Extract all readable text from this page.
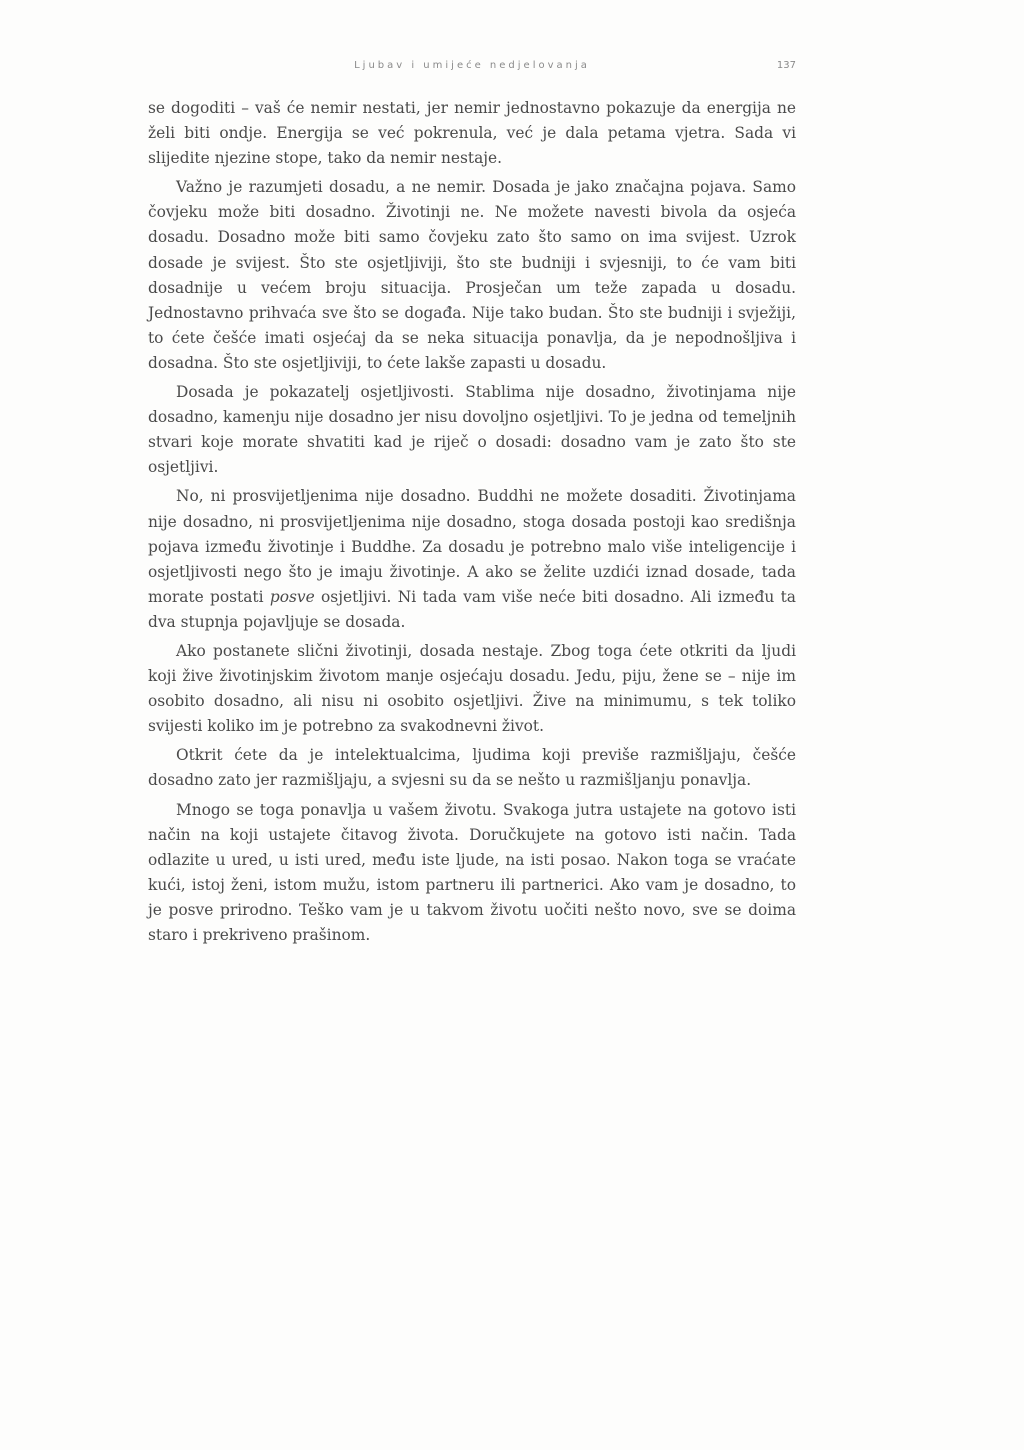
Ljubav i umijeće nedjelovanja	137

se dogoditi – vaš će nemir nestati, jer nemir jednostavno pokazuje da energija ne želi biti ondje. Energija se već pokrenula, već je dala petama vjetra. Sada vi slijedite njezine stope, tako da nemir nestaje.

Važno je razumjeti dosadu, a ne nemir. Dosada je jako značajna pojava. Samo čovjeku može biti dosadno. Životinji ne. Ne možete navesti bivola da osjeća dosadu. Dosadno može biti samo čovjeku zato što samo on ima svijest. Uzrok dosade je svijest. Što ste osjetljiviji, što ste budniji i svjesniji, to će vam biti dosadnije u većem broju situacija. Prosječan um teže zapada u dosadu. Jednostavno prihvaća sve što se događa. Nije tako budan. Što ste budniji i svježiji, to ćete češće imati osjećaj da se neka situacija ponavlja, da je nepodnošljiva i dosadna. Što ste osjetljiviji, to ćete lakše zapasti u dosadu.

Dosada je pokazatelj osjetljivosti. Stablima nije dosadno, životinjama nije dosadno, kamenju nije dosadno jer nisu dovoljno osjetljivi. To je jedna od temeljnih stvari koje morate shvatiti kad je riječ o dosadi: dosadno vam je zato što ste osjetljivi.

No, ni prosvijetljenima nije dosadno. Buddhi ne možete dosaditi. Životinjama nije dosadno, ni prosvijetljenima nije dosadno, stoga dosada postoji kao središnja pojava između životinje i Buddhe. Za dosadu je potrebno malo više inteligencije i osjetljivosti nego što je imaju životinje. A ako se želite uzdići iznad dosade, tada morate postati posve osjetljivi. Ni tada vam više neće biti dosadno. Ali između ta dva stupnja pojavljuje se dosada.

Ako postanete slični životinji, dosada nestaje. Zbog toga ćete otkriti da ljudi koji žive životinjskim životom manje osjećaju dosadu. Jedu, piju, žene se – nije im osobito dosadno, ali nisu ni osobito osjetljivi. Žive na minimumu, s tek toliko svijesti koliko im je potrebno za svakodnevni život.

Otkrit ćete da je intelektualcima, ljudima koji previše razmišljaju, češće dosadno zato jer razmišljaju, a svjesni su da se nešto u razmišljanju ponavlja.

Mnogo se toga ponavlja u vašem životu. Svakoga jutra ustajete na gotovo isti način na koji ustajete čitavog života. Doručkujete na gotovo isti način. Tada odlazite u ured, u isti ured, među iste ljude, na isti posao. Nakon toga se vraćate kući, istoj ženi, istom mužu, istom partneru ili partnerici. Ako vam je dosadno, to je posve prirodno. Teško vam je u takvom životu uočiti nešto novo, sve se doima staro i prekriveno prašinom.
